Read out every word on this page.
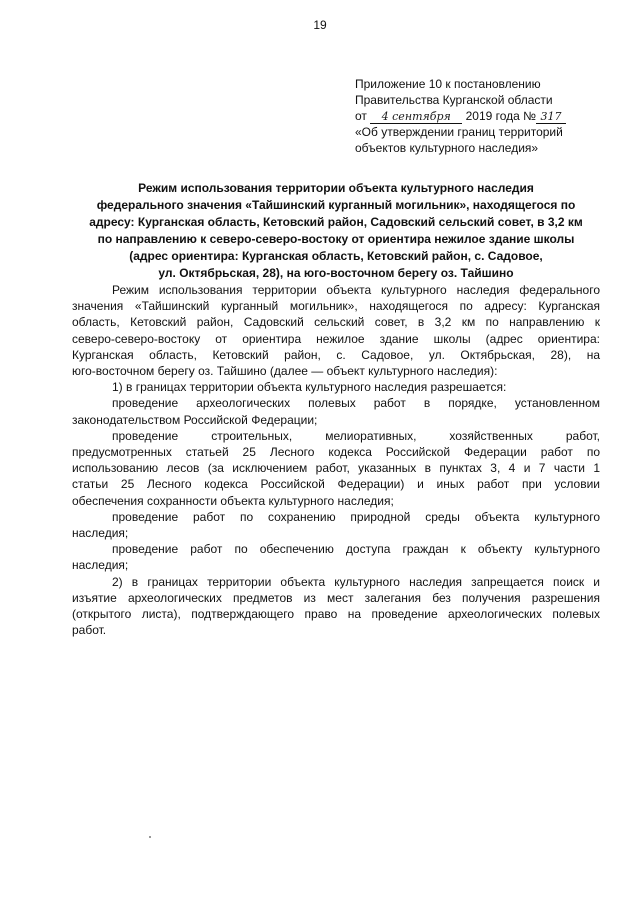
19
Приложение 10 к постановлению
Правительства Курганской области
от 4 сентября 2019 года № 317
«Об утверждении границ территорий
объектов культурного наследия»
Режим использования территории объекта культурного наследия
федерального значения «Тайшинский курганный могильник», находящегося по
адресу: Курганская область, Кетовский район, Садовский сельский совет, в 3,2 км
по направлению к северо-северо-востоку от ориентира нежилое здание школы
(адрес ориентира: Курганская область, Кетовский район, с. Садовое,
ул. Октябрьская, 28), на юго-восточном берегу оз. Тайшино

Режим использования территории объекта культурного наследия федерального
значения «Тайшинский курганный могильник», находящегося по адресу: Курганская
область, Кетовский район, Садовский сельский совет, в 3,2 км по направлению к
северо-северо-востоку от ориентира нежилое здание школы (адрес ориентира:
Курганская область, Кетовский район, с. Садовое, ул. Октябрьская, 28), на
юго-восточном берегу оз. Тайшино (далее — объект культурного наследия):

1) в границах территории объекта культурного наследия разрешается:

проведение археологических полевых работ в порядке, установленном
законодательством Российской Федерации;

проведение строительных, мелиоративных, хозяйственных работ,
предусмотренных статьей 25 Лесного кодекса Российской Федерации работ по
использованию лесов (за исключением работ, указанных в пунктах 3, 4 и 7 части 1
статьи 25 Лесного кодекса Российской Федерации) и иных работ при условии
обеспечения сохранности объекта культурного наследия;

проведение работ по сохранению природной среды объекта культурного
наследия;

проведение работ по обеспечению доступа граждан к объекту культурного
наследия;

2) в границах территории объекта культурного наследия запрещается поиск и
изъятие археологических предметов из мест залегания без получения разрешения
(открытого листа), подтверждающего право на проведение археологических полевых
работ.
